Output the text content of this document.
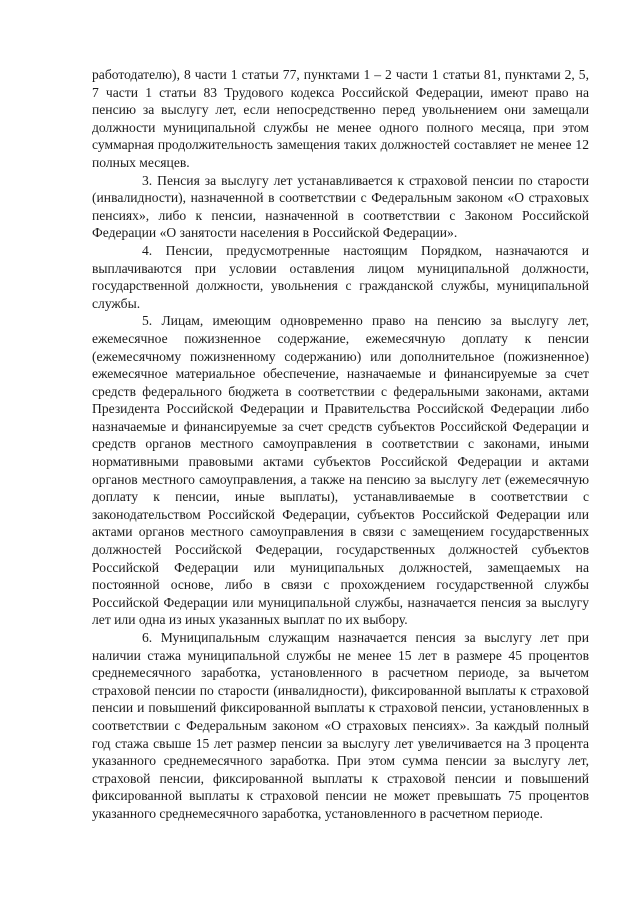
работодателю), 8 части 1 статьи 77, пунктами 1 – 2 части 1 статьи 81, пунктами 2, 5, 7 части 1 статьи 83 Трудового кодекса Российской Федерации, имеют право на пенсию за выслугу лет, если непосредственно перед увольнением они замещали должности муниципальной службы не менее одного полного месяца, при этом суммарная продолжительность замещения таких должностей составляет не менее 12 полных месяцев.

3. Пенсия за выслугу лет устанавливается к страховой пенсии по старости (инвалидности), назначенной в соответствии с Федеральным законом «О страховых пенсиях», либо к пенсии, назначенной в соответствии с Законом Российской Федерации «О занятости населения в Российской Федерации».

4. Пенсии, предусмотренные настоящим Порядком, назначаются и выплачиваются при условии оставления лицом муниципальной должности, государственной должности, увольнения с гражданской службы, муниципальной службы.

5. Лицам, имеющим одновременно право на пенсию за выслугу лет, ежемесячное пожизненное содержание, ежемесячную доплату к пенсии (ежемесячному пожизненному содержанию) или дополнительное (пожизненное) ежемесячное материальное обеспечение, назначаемые и финансируемые за счет средств федерального бюджета в соответствии с федеральными законами, актами Президента Российской Федерации и Правительства Российской Федерации либо назначаемые и финансируемые за счет средств субъектов Российской Федерации и средств органов местного самоуправления в соответствии с законами, иными нормативными правовыми актами субъектов Российской Федерации и актами органов местного самоуправления, а также на пенсию за выслугу лет (ежемесячную доплату к пенсии, иные выплаты), устанавливаемые в соответствии с законодательством Российской Федерации, субъектов Российской Федерации или актами органов местного самоуправления в связи с замещением государственных должностей Российской Федерации, государственных должностей субъектов Российской Федерации или муниципальных должностей, замещаемых на постоянной основе, либо в связи с прохождением государственной службы Российской Федерации или муниципальной службы, назначается пенсия за выслугу лет или одна из иных указанных выплат по их выбору.

6. Муниципальным служащим назначается пенсия за выслугу лет при наличии стажа муниципальной службы не менее 15 лет в размере 45 процентов среднемесячного заработка, установленного в расчетном периоде, за вычетом страховой пенсии по старости (инвалидности), фиксированной выплаты к страховой пенсии и повышений фиксированной выплаты к страховой пенсии, установленных в соответствии с Федеральным законом «О страховых пенсиях». За каждый полный год стажа свыше 15 лет размер пенсии за выслугу лет увеличивается на 3 процента указанного среднемесячного заработка. При этом сумма пенсии за выслугу лет, страховой пенсии, фиксированной выплаты к страховой пенсии и повышений фиксированной выплаты к страховой пенсии не может превышать 75 процентов указанного среднемесячного заработка, установленного в расчетном периоде.
